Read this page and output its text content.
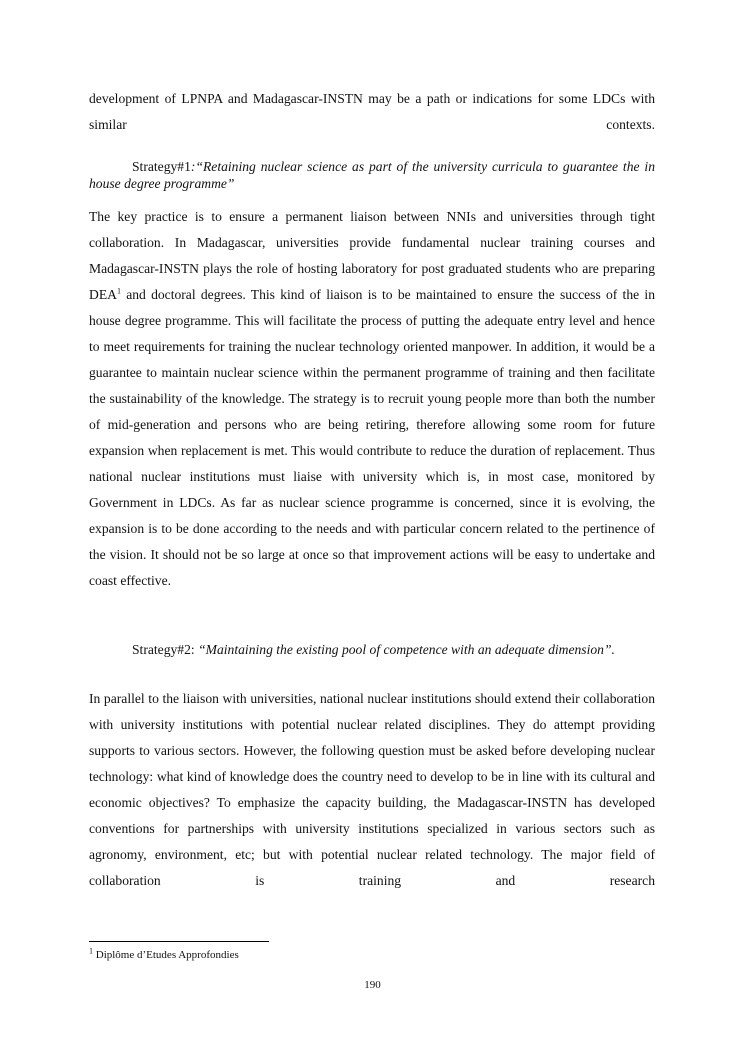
development of LPNPA and Madagascar-INSTN may be a path or indications for some LDCs with similar contexts.

Strategy#1:“Retaining nuclear science as part of the university curricula to guarantee the in house degree programme”

The key practice is to ensure a permanent liaison between NNIs and universities through tight collaboration. In Madagascar, universities provide fundamental nuclear training courses and Madagascar-INSTN plays the role of hosting laboratory for post graduated students who are preparing DEA$^1$ and doctoral degrees. This kind of liaison is to be maintained to ensure the success of the in house degree programme. This will facilitate the process of putting the adequate entry level and hence to meet requirements for training the nuclear technology oriented manpower. In addition, it would be a guarantee to maintain nuclear science within the permanent programme of training and then facilitate the sustainability of the knowledge. The strategy is to recruit young people more than both the number of mid-generation and persons who are being retiring, therefore allowing some room for future expansion when replacement is met. This would contribute to reduce the duration of replacement. Thus national nuclear institutions must liaise with university which is, in most case, monitored by Government in LDCs. As far as nuclear science programme is concerned, since it is evolving, the expansion is to be done according to the needs and with particular concern related to the pertinence of the vision. It should not be so large at once so that improvement actions will be easy to undertake and coast effective.

Strategy#2: “Maintaining the existing pool of competence with an adequate dimension”.

In parallel to the liaison with universities, national nuclear institutions should extend their collaboration with university institutions with potential nuclear related disciplines. They do attempt providing supports to various sectors. However, the following question must be asked before developing nuclear technology: what kind of knowledge does the country need to develop to be in line with its cultural and economic objectives? To emphasize the capacity building, the Madagascar-INSTN has developed conventions for partnerships with university institutions specialized in various sectors such as agronomy, environment, etc; but with potential nuclear related technology. The major field of collaboration is training and research

$^1$ Diplôme d’Etudes Approfondies
190
